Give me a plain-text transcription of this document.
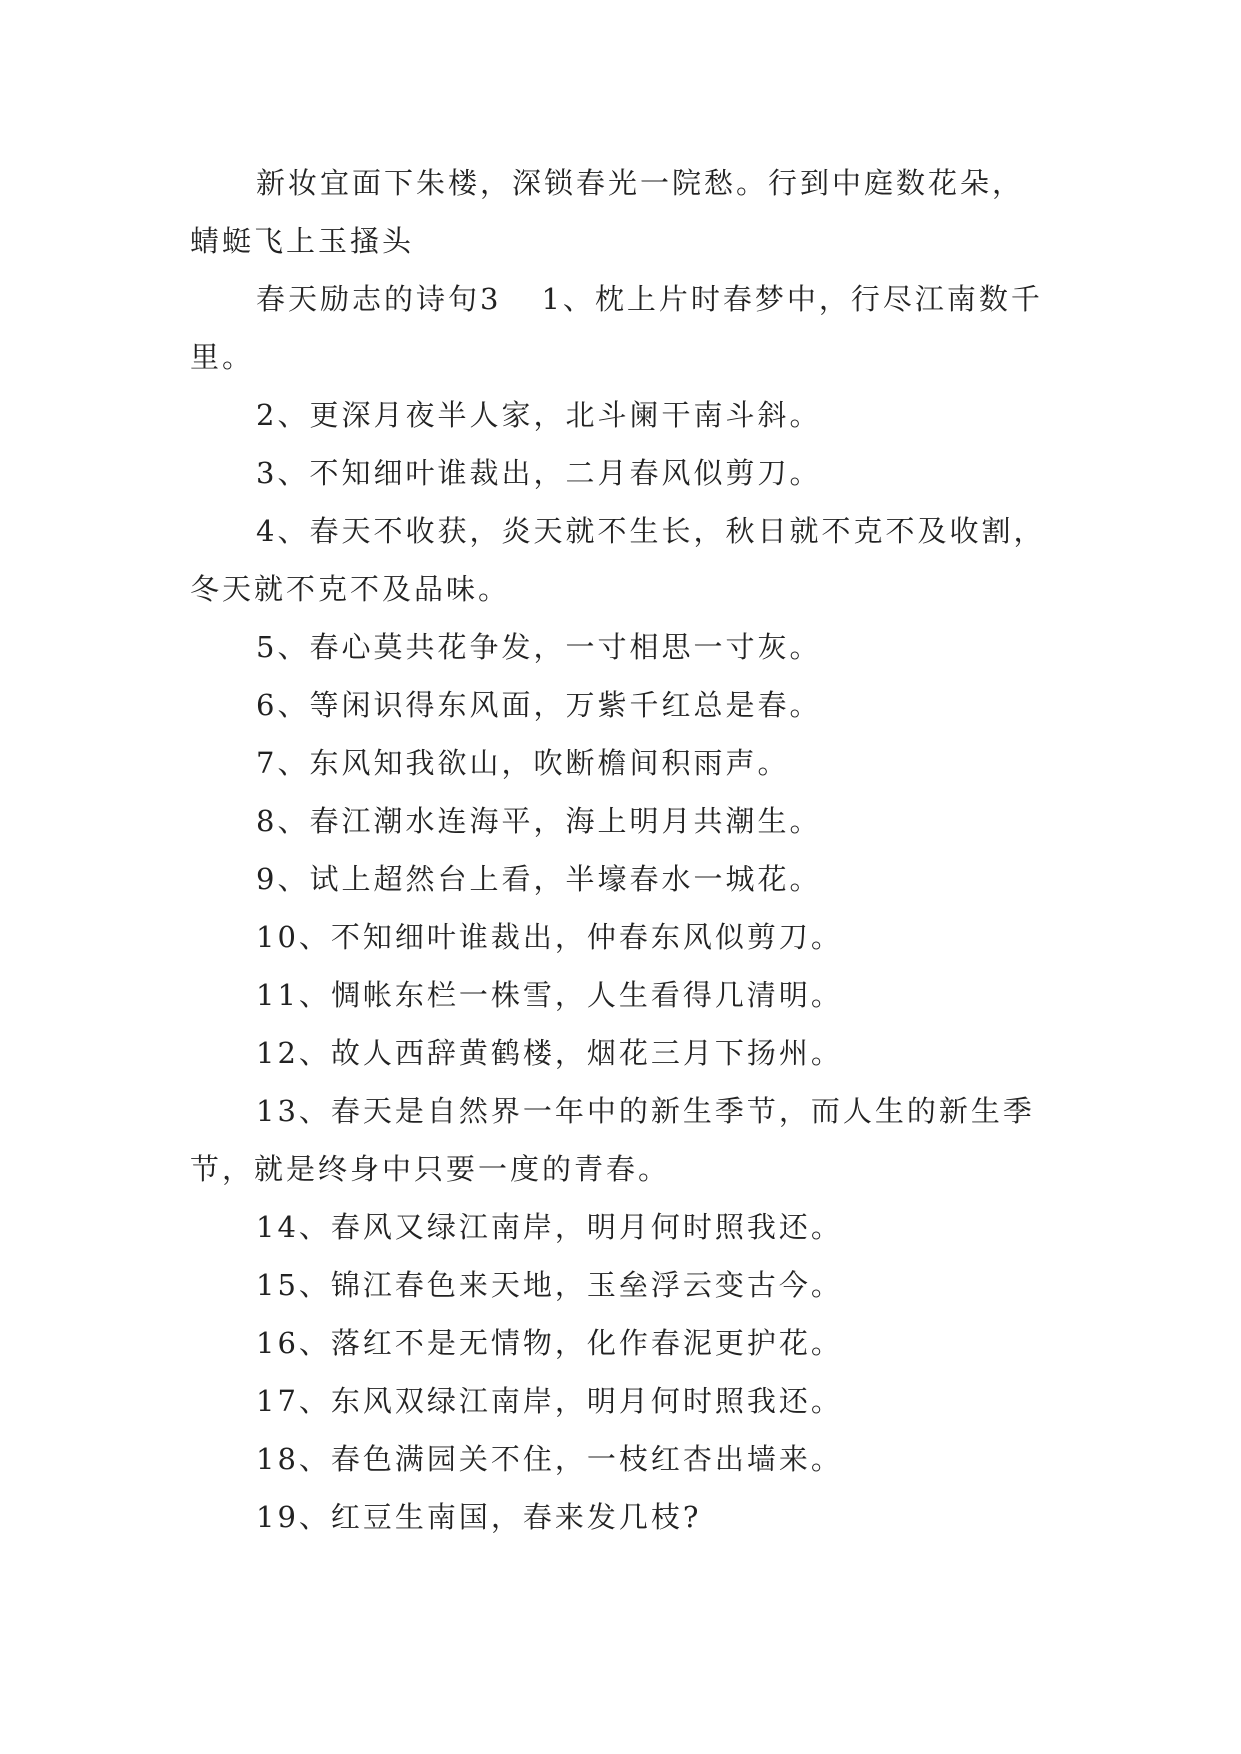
新妆宜面下朱楼，深锁春光一院愁。行到中庭数花朵，蜻蜓飞上玉搔头

春天励志的诗句3 1、枕上片时春梦中，行尽江南数千里。

2、更深月夜半人家，北斗阑干南斗斜。

3、不知细叶谁裁出，二月春风似剪刀。

4、春天不收获，炎天就不生长，秋日就不克不及收割，冬天就不克不及品味。

5、春心莫共花争发，一寸相思一寸灰。

6、等闲识得东风面，万紫千红总是春。

7、东风知我欲山，吹断檐间积雨声。

8、春江潮水连海平，海上明月共潮生。

9、试上超然台上看，半壕春水一城花。

10、不知细叶谁裁出，仲春东风似剪刀。

11、惆帐东栏一株雪，人生看得几清明。

12、故人西辞黄鹤楼，烟花三月下扬州。

13、春天是自然界一年中的新生季节，而人生的新生季节，就是终身中只要一度的青春。

14、春风又绿江南岸，明月何时照我还。

15、锦江春色来天地，玉垒浮云变古今。

16、落红不是无情物，化作春泥更护花。

17、东风双绿江南岸，明月何时照我还。

18、春色满园关不住，一枝红杏出墙来。

19、红豆生南国，春来发几枝?
